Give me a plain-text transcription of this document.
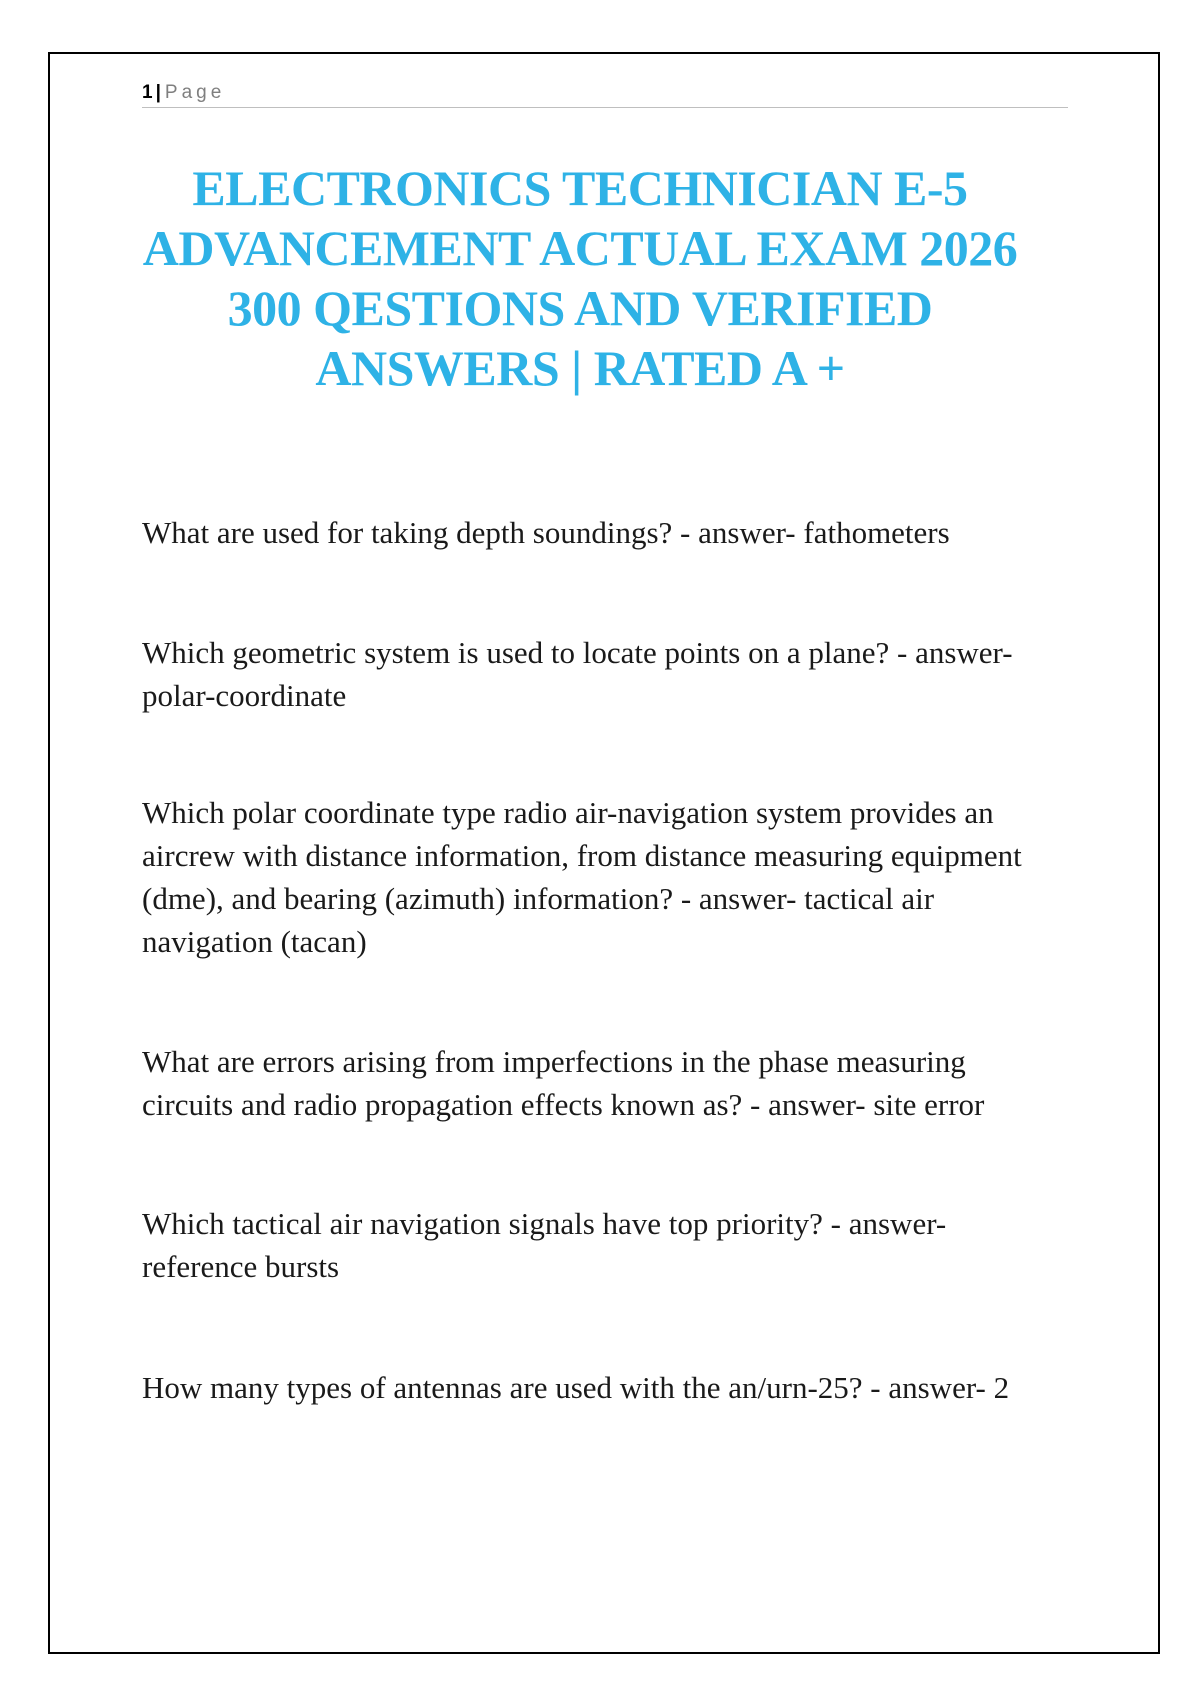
1 | Page
ELECTRONICS TECHNICIAN E-5
ADVANCEMENT ACTUAL EXAM 2026
300 QESTIONS AND VERIFIED
ANSWERS | RATED A +

What are used for taking depth soundings? - answer- fathometers

Which geometric system is used to locate points on a plane? - answer-
polar-coordinate

Which polar coordinate type radio air-navigation system provides an
aircrew with distance information, from distance measuring equipment
(dme), and bearing (azimuth) information? - answer- tactical air
navigation (tacan)

What are errors arising from imperfections in the phase measuring
circuits and radio propagation effects known as? - answer- site error

Which tactical air navigation signals have top priority? - answer-
reference bursts

How many types of antennas are used with the an/urn-25? - answer- 2
